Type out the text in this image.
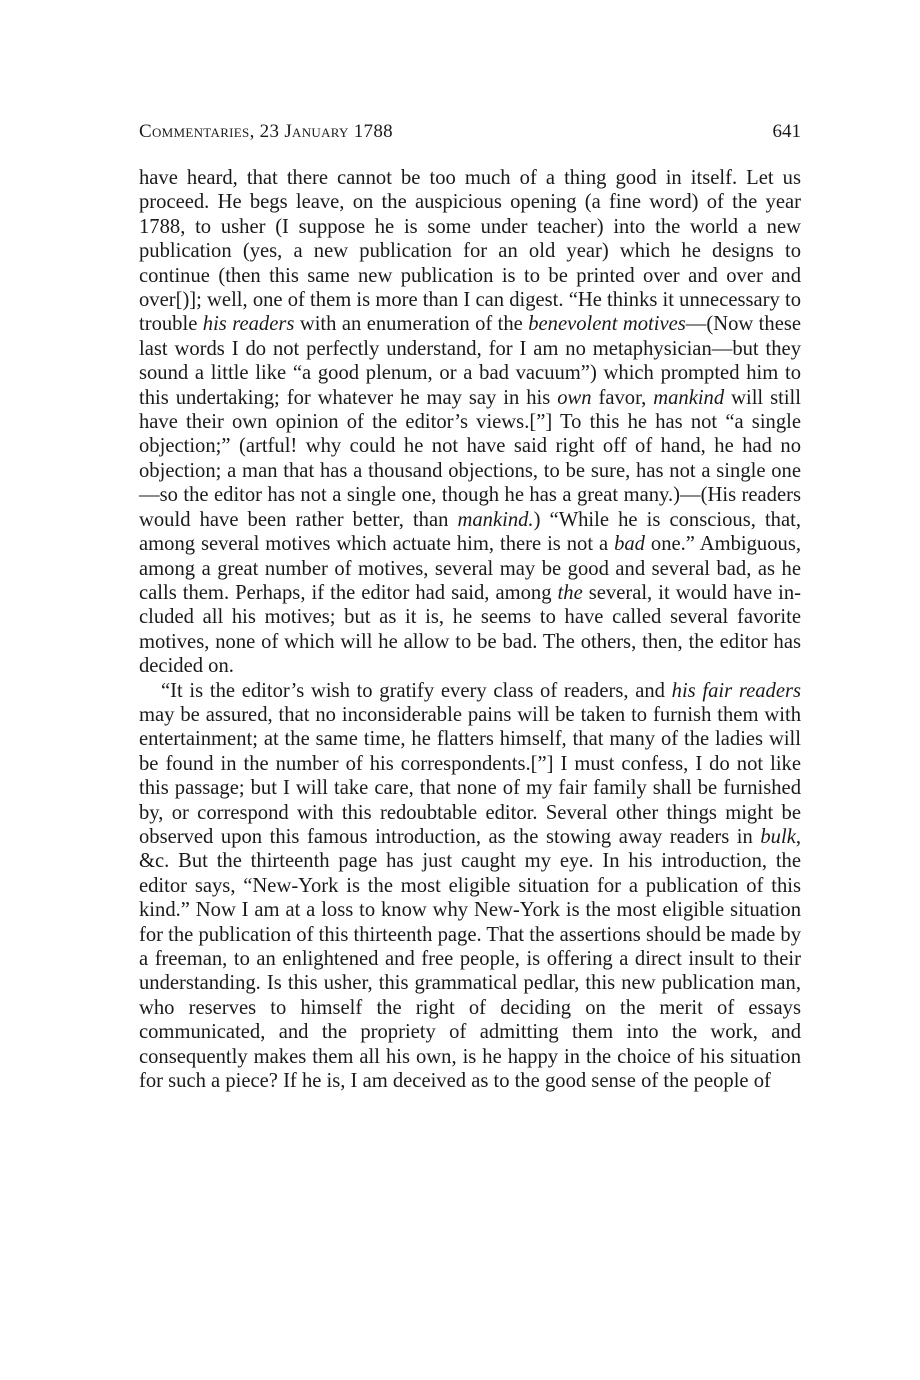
Commentaries, 23 January 1788	641

have heard, that there cannot be too much of a thing good in itself. Let us proceed. He begs leave, on the auspicious opening (a fine word) of the year 1788, to usher (I suppose he is some under teacher) into the world a new publication (yes, a new publication for an old year) which he designs to continue (then this same new publication is to be printed over and over and over[)]; well, one of them is more than I can digest. “He thinks it unnecessary to trouble his readers with an enumeration of the benevolent motives—(Now these last words I do not perfectly understand, for I am no metaphysician—but they sound a little like “a good plenum, or a bad vacuum”) which prompted him to this undertaking; for whatever he may say in his own favor, mankind will still have their own opinion of the editor’s views.[”] To this he has not “a single objection;” (artful! why could he not have said right off of hand, he had no objection; a man that has a thousand objections, to be sure, has not a single one—so the editor has not a single one, though he has a great many.)—(His readers would have been rather better, than mankind.) “While he is conscious, that, among several motives which actuate him, there is not a bad one.” Ambiguous, among a great number of motives, several may be good and several bad, as he calls them. Perhaps, if the editor had said, among the several, it would have included all his motives; but as it is, he seems to have called several favorite motives, none of which will he allow to be bad. The others, then, the editor has decided on.

“It is the editor’s wish to gratify every class of readers, and his fair readers may be assured, that no inconsiderable pains will be taken to furnish them with entertainment; at the same time, he flatters himself, that many of the ladies will be found in the number of his correspondents.[”] I must confess, I do not like this passage; but I will take care, that none of my fair family shall be furnished by, or correspond with this redoubtable editor. Several other things might be observed upon this famous introduction, as the stowing away readers in bulk, &c. But the thirteenth page has just caught my eye. In his introduction, the editor says, “New-York is the most eligible situation for a publication of this kind.” Now I am at a loss to know why New-York is the most eligible situation for the publication of this thirteenth page. That the assertions should be made by a freeman, to an enlightened and free people, is offering a direct insult to their understanding. Is this usher, this grammatical pedlar, this new publication man, who reserves to himself the right of deciding on the merit of essays communicated, and the propriety of admitting them into the work, and consequently makes them all his own, is he happy in the choice of his situation for such a piece? If he is, I am deceived as to the good sense of the people of
